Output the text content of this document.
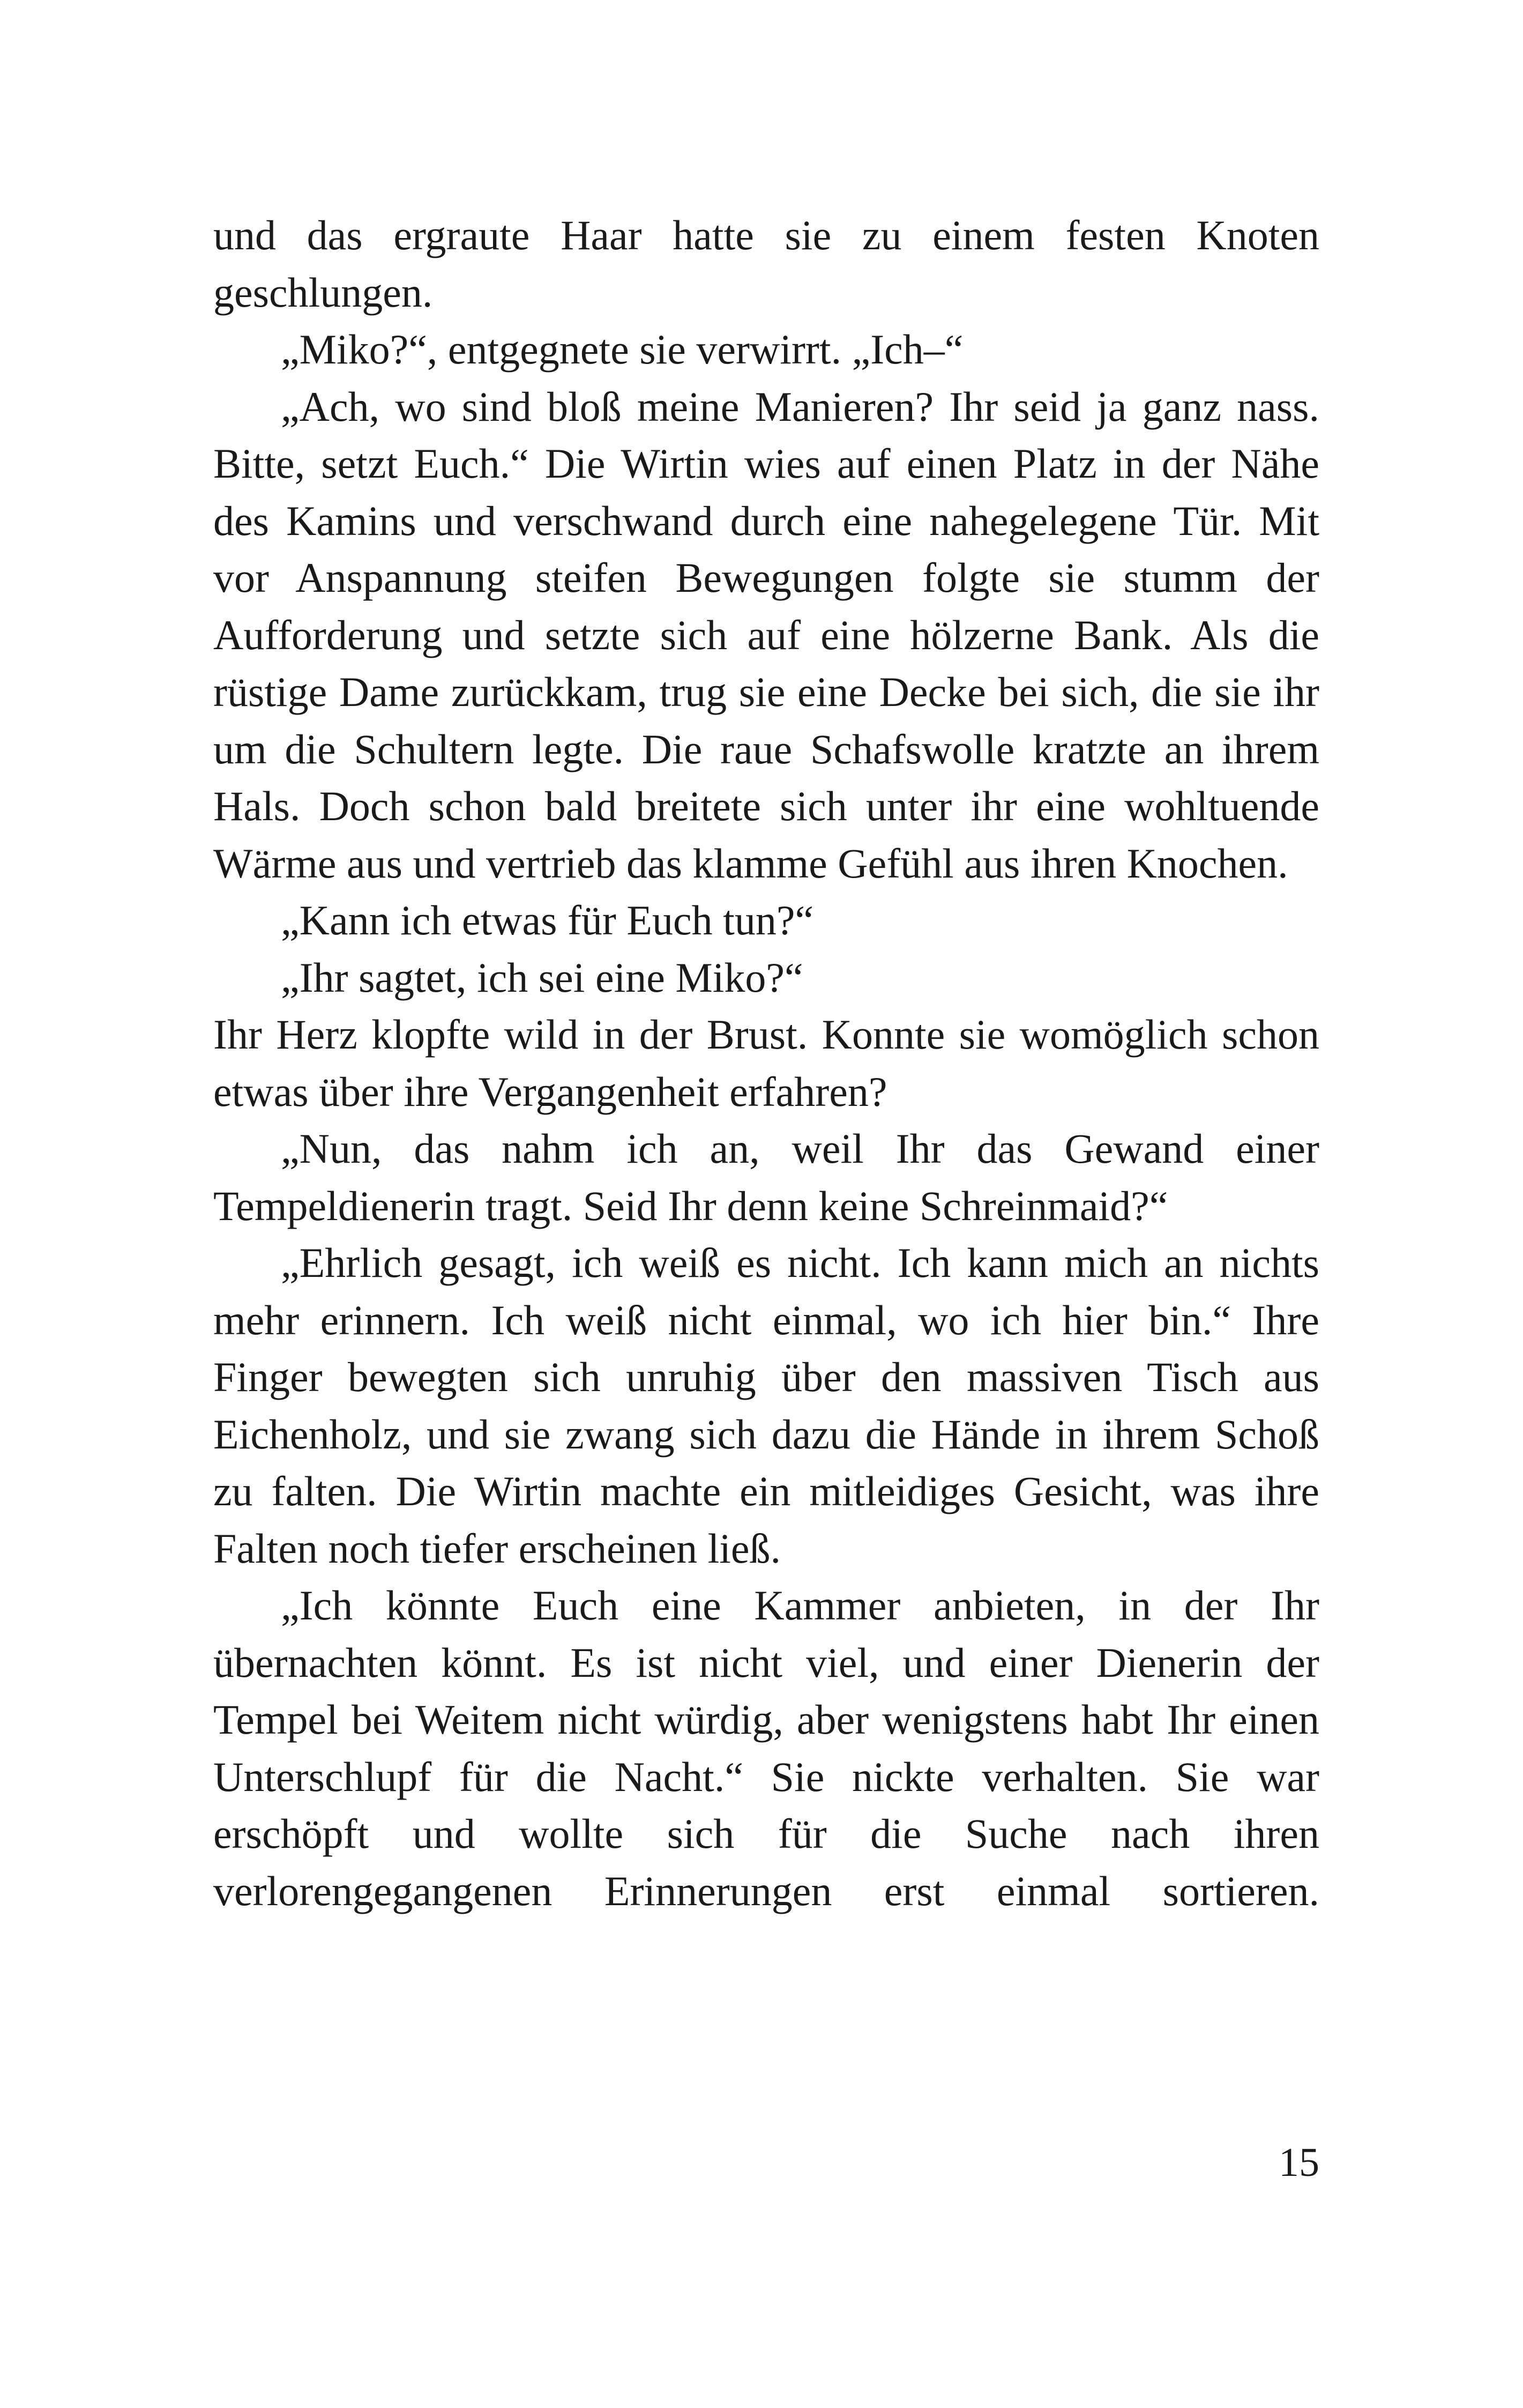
und das ergraute Haar hatte sie zu einem festen Knoten geschlungen.

„Miko?“, entgegnete sie verwirrt. „Ich–“

„Ach, wo sind bloß meine Manieren? Ihr seid ja ganz nass. Bitte, setzt Euch.“ Die Wirtin wies auf einen Platz in der Nähe des Kamins und verschwand durch eine nahegelegene Tür. Mit vor Anspannung steifen Bewegungen folgte sie stumm der Aufforderung und setzte sich auf eine hölzerne Bank. Als die rüstige Dame zurückkam, trug sie eine Decke bei sich, die sie ihr um die Schultern legte. Die raue Schafswolle kratzte an ihrem Hals. Doch schon bald breitete sich unter ihr eine wohltuende Wärme aus und vertrieb das klamme Gefühl aus ihren Knochen.

„Kann ich etwas für Euch tun?“

„Ihr sagtet, ich sei eine Miko?“

Ihr Herz klopfte wild in der Brust. Konnte sie womöglich schon etwas über ihre Vergangenheit erfahren?

„Nun, das nahm ich an, weil Ihr das Gewand einer Tempeldienerin tragt. Seid Ihr denn keine Schreinmaid?“

„Ehrlich gesagt, ich weiß es nicht. Ich kann mich an nichts mehr erinnern. Ich weiß nicht einmal, wo ich hier bin.“ Ihre Finger bewegten sich unruhig über den massiven Tisch aus Eichenholz, und sie zwang sich dazu die Hände in ihrem Schoß zu falten. Die Wirtin machte ein mitleidiges Gesicht, was ihre Falten noch tiefer erscheinen ließ.

„Ich könnte Euch eine Kammer anbieten, in der Ihr übernachten könnt. Es ist nicht viel, und einer Dienerin der Tempel bei Weitem nicht würdig, aber wenigstens habt Ihr einen Unterschlupf für die Nacht.“ Sie nickte verhalten. Sie war erschöpft und wollte sich für die Suche nach ihren verlorengegangenen Erinnerungen erst einmal sortieren.

15
